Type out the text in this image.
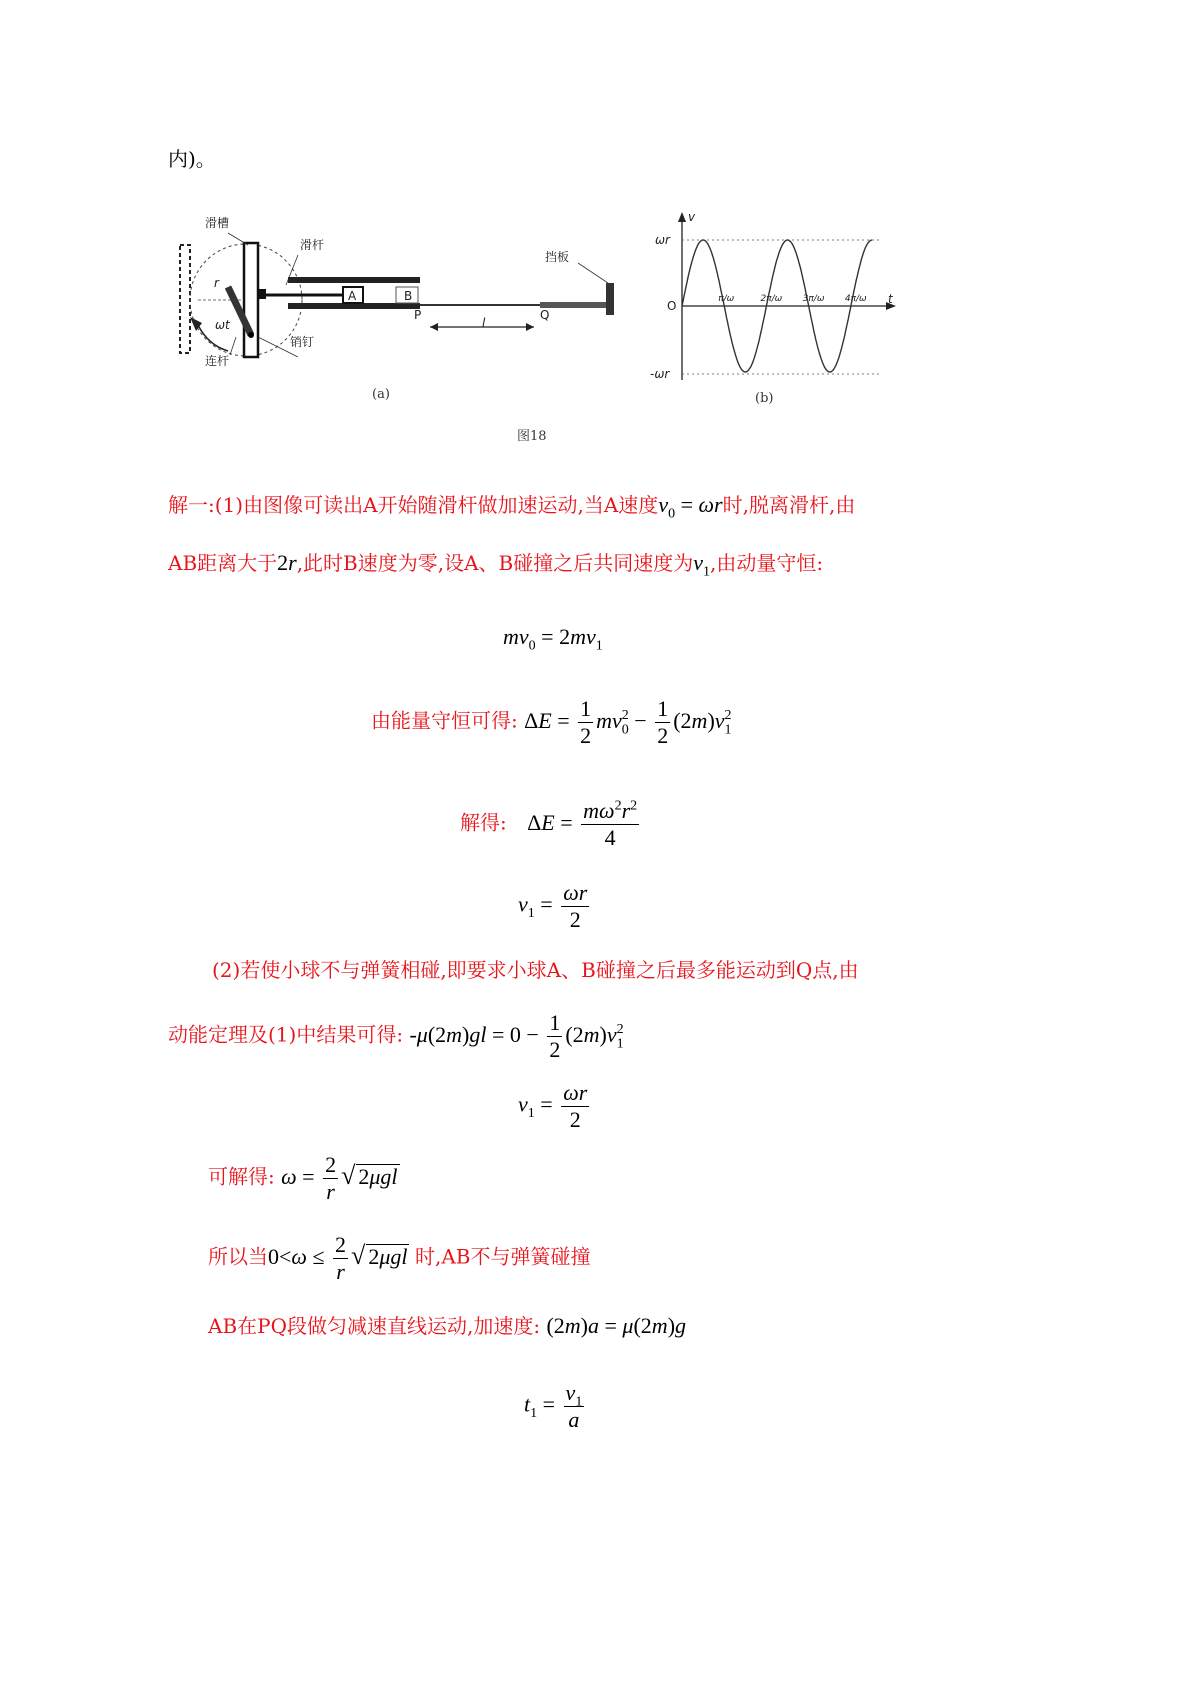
内)。
滑槽
滑杆
连杆
销钉
挡板
r
ωt
A	B
P	Q
l
(a)
v
t
ωr
O
-ωr
π/ω	2π/ω 3π/ω 4π/ω
(b)
图18
解一:(1)由图像可读出A开始随滑杆做加速运动,当A速度$v_0 = \omega r$时,脱离滑杆,由
AB距离大于2r,此时B速度为零,设A、B碰撞之后共同速度为$v_1$,由动量守恒:
$mv_0 = 2mv_1$
由能量守恒可得: $\Delta E = \frac{1}{2} mv_0^2 - \frac{1}{2} (2m)v_1^2$
解得: $\Delta E = \frac{m\omega^2r^2}{4}$
$v_1 = \frac{\omega r}{2}$
(2)若使小球不与弹簧相碰,即要求小球A、B碰撞之后最多能运动到Q点,由
动能定理及(1)中结果可得: $-\mu(2m)gl = 0 - \frac{1}{2} (2m)v_1^2$
$v_1 = \frac{\omega r}{2}$
可解得: $\omega = \frac{2}{r}$ √ 2μgl
所以当$0<\omega \le \frac{2}{r}$ √ 2μgl 时,AB不与弹簧碰撞
AB在PQ段做匀减速直线运动,加速度: (2m)a = μ(2m)g
$t_1 = \frac{v_1}{a}$
